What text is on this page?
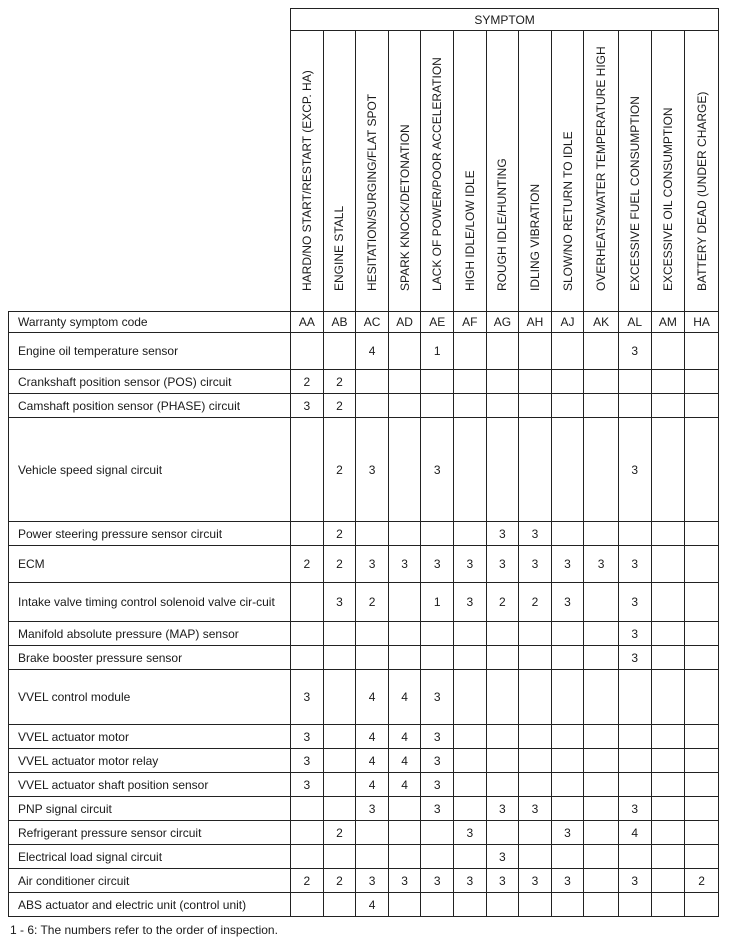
	SYMPTOM												

	HARD/NO START/RESTART (EXCP. HA)	ENGINE STALL	HESITATION/SURGING/FLAT SPOT	SPARK KNOCK/DETONATION	LACK OF POWER/POOR ACCELERATION	HIGH IDLE/LOW IDLE	ROUGH IDLE/HUNTING	IDLING VIBRATION	SLOW/NO RETURN TO IDLE	OVERHEATS/WATER TEMPERATURE HIGH	EXCESSIVE FUEL CONSUMPTION	EXCESSIVE OIL CONSUMPTION	BATTERY DEAD (UNDER CHARGE)

Warranty symptom code	AA	AB	AC	AD	AE	AF	AG	AH	AJ	AK	AL	AM	HA
Engine oil temperature sensor			4		1						3		
Crankshaft position sensor (POS) circuit	2	2											
Camshaft position sensor (PHASE) circuit	3	2											
Vehicle speed signal circuit		2	3		3						3		
Power steering pressure sensor circuit		2					3	3					
ECM	2	2	3	3	3	3	3	3	3	3	3		
Intake valve timing control solenoid valve cir-cuit		3	2		1	3	2	2	3		3		
Manifold absolute pressure (MAP) sensor											3		
Brake booster pressure sensor											3		
VVEL control module	3		4	4	3								
VVEL actuator motor	3		4	4	3								
VVEL actuator motor relay	3		4	4	3								
VVEL actuator shaft position sensor	3		4	4	3								
PNP signal circuit			3		3		3	3			3		
Refrigerant pressure sensor circuit		2				3			3		4		
Electrical load signal circuit							3						
Air conditioner circuit	2	2	3	3	3	3	3	3	3		3		2
ABS actuator and electric unit (control unit)			4										
1 - 6: The numbers refer to the order of inspection.
